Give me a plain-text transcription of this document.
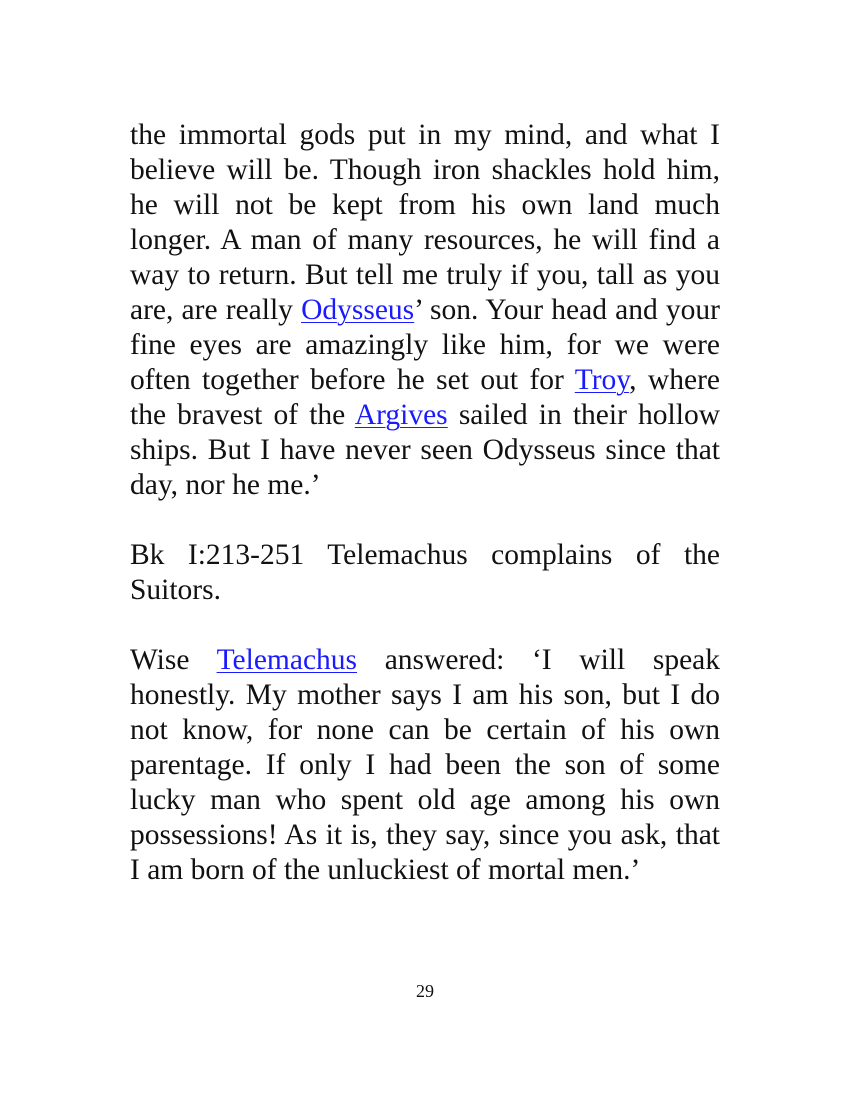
the immortal gods put in my mind, and what I believe will be. Though iron shackles hold him, he will not be kept from his own land much longer. A man of many resources, he will find a way to return. But tell me truly if you, tall as you are, are really Odysseus’ son. Your head and your fine eyes are amazingly like him, for we were often together before he set out for Troy, where the bravest of the Argives sailed in their hollow ships. But I have never seen Odysseus since that day, nor he me.’

Bk I:213-251 Telemachus complains of the Suitors.

Wise Telemachus answered: ‘I will speak honestly. My mother says I am his son, but I do not know, for none can be certain of his own parentage. If only I had been the son of some lucky man who spent old age among his own possessions! As it is, they say, since you ask, that I am born of the unluckiest of mortal men.’

29
